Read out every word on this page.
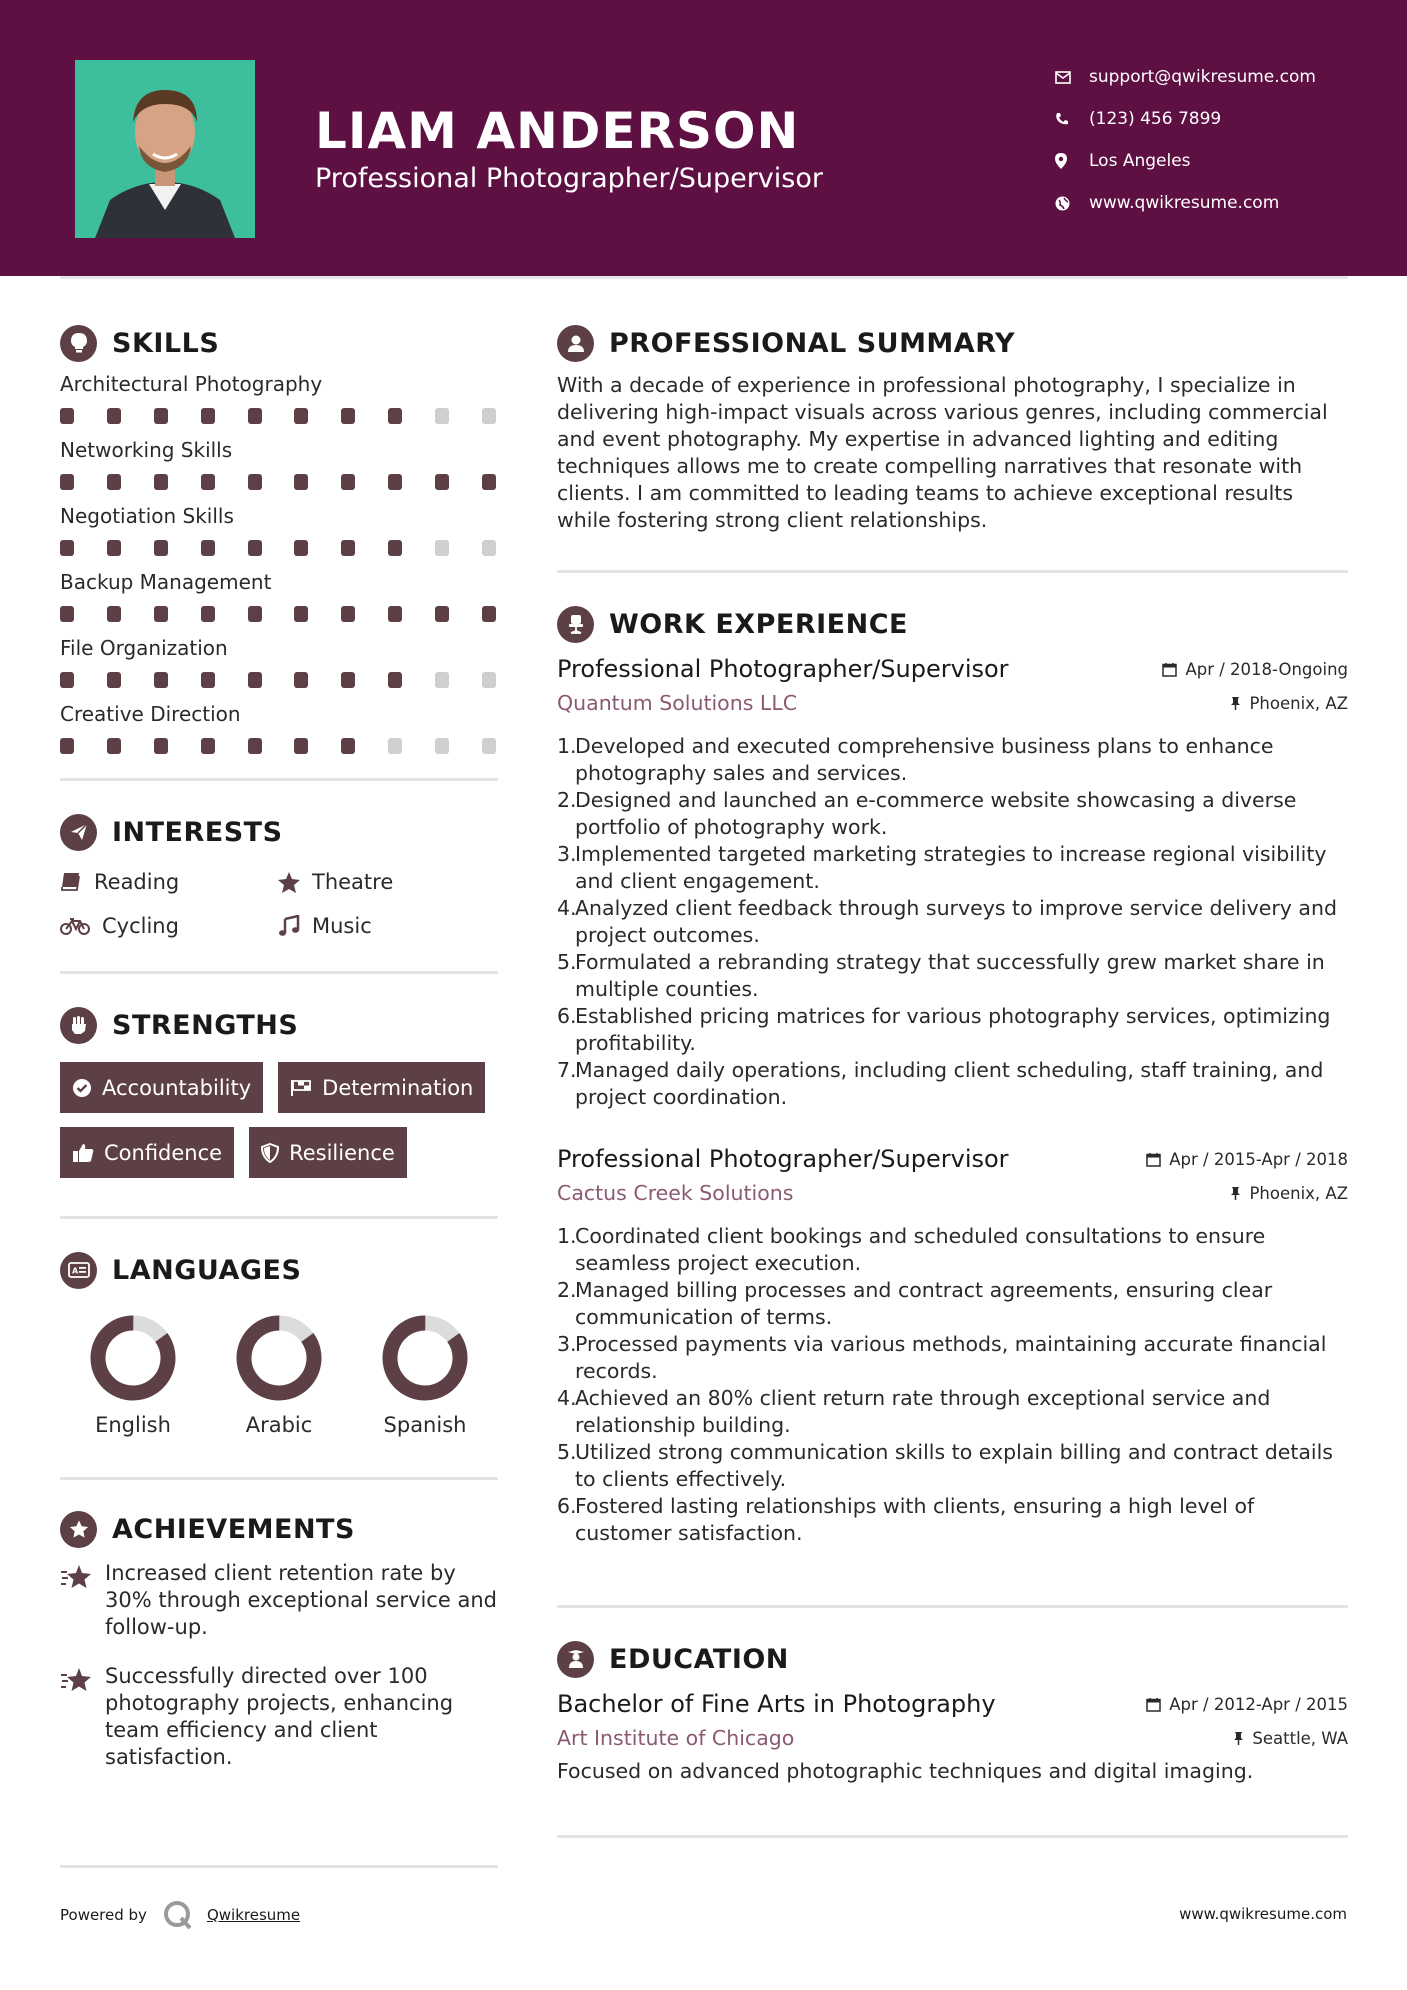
LIAM ANDERSON
Professional Photographer/Supervisor
support@qwikresume.com
(123) 456 7899
Los Angeles
www.qwikresume.com
SKILLS
Architectural Photography
Networking Skills
Negotiation Skills
Backup Management
File Organization
Creative Direction
INTERESTS
Reading	Theatre
Cycling	Music
STRENGTHS
Accountability	Determination
Confidence	Resilience
A LANGUAGES
English	Arabic	Spanish
ACHIEVEMENTS
Increased client retention rate by 30% through exceptional service and follow-up.
Successfully directed over 100 photography projects, enhancing team efficiency and client satisfaction.
PROFESSIONAL SUMMARY

With a decade of experience in professional photography, I specialize in delivering high-impact visuals across various genres, including commercial and event photography. My expertise in advanced lighting and editing techniques allows me to create compelling narratives that resonate with clients. I am committed to leading teams to achieve exceptional results while fostering strong client relationships.

WORK EXPERIENCE
Professional Photographer/Supervisor	Apr / 2018-Ongoing
Quantum Solutions LLC	Phoenix, AZ
1.
Developed and executed comprehensive business plans to enhance photography sales and services.
2.
Designed and launched an e-commerce website showcasing a diverse portfolio of photography work.
3.
Implemented targeted marketing strategies to increase regional visibility and client engagement.
4.
Analyzed client feedback through surveys to improve service delivery and project outcomes.
5.
Formulated a rebranding strategy that successfully grew market share in multiple counties.
6.
Established pricing matrices for various photography services, optimizing profitability.
7.
Managed daily operations, including client scheduling, staff training, and project coordination.
Professional Photographer/Supervisor	Apr / 2015-Apr / 2018
Cactus Creek Solutions	Phoenix, AZ
1.
Coordinated client bookings and scheduled consultations to ensure seamless project execution.
2.
Managed billing processes and contract agreements, ensuring clear communication of terms.
3.
Processed payments via various methods, maintaining accurate financial records.
4.
Achieved an 80% client return rate through exceptional service and relationship building.
5.
Utilized strong communication skills to explain billing and contract details to clients effectively.
6.
Fostered lasting relationships with clients, ensuring a high level of customer satisfaction.
EDUCATION
Bachelor of Fine Arts in Photography	Apr / 2012-Apr / 2015
Art Institute of Chicago	Seattle, WA

Focused on advanced photographic techniques and digital imaging.

Powered by	Qwikresume	www.qwikresume.com
